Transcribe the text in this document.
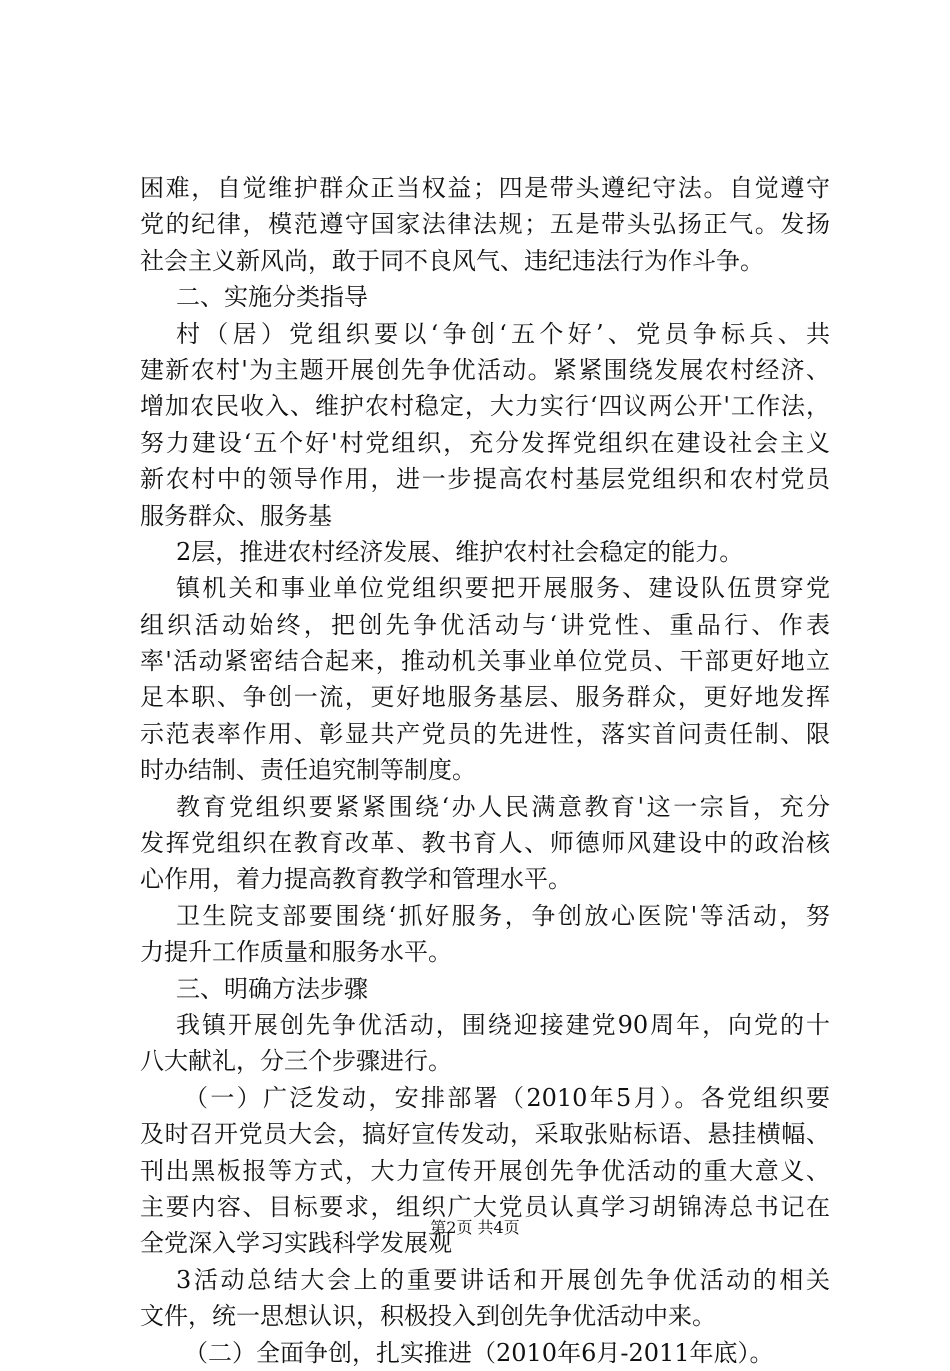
困难，自觉维护群众正当权益；四是带头遵纪守法。自觉遵守
党的纪律，模范遵守国家法律法规；五是带头弘扬正气。发扬
社会主义新风尚，敢于同不良风气、违纪违法行为作斗争。
二、实施分类指导
村（居）党组织要以‘争创‘五个好’、党员争标兵、共
建新农村'为主题开展创先争优活动。紧紧围绕发展农村经济、
增加农民收入、维护农村稳定，大力实行‘四议两公开'工作法，
努力建设‘五个好'村党组织，充分发挥党组织在建设社会主义
新农村中的领导作用，进一步提高农村基层党组织和农村党员
服务群众、服务基
2层，推进农村经济发展、维护农村社会稳定的能力。
镇机关和事业单位党组织要把开展服务、建设队伍贯穿党
组织活动始终，把创先争优活动与‘讲党性、重品行、作表
率'活动紧密结合起来，推动机关事业单位党员、干部更好地立
足本职、争创一流，更好地服务基层、服务群众，更好地发挥
示范表率作用、彰显共产党员的先进性，落实首问责任制、限
时办结制、责任追究制等制度。
教育党组织要紧紧围绕‘办人民满意教育'这一宗旨，充分
发挥党组织在教育改革、教书育人、师德师风建设中的政治核
心作用，着力提高教育教学和管理水平。
卫生院支部要围绕‘抓好服务，争创放心医院'等活动，努
力提升工作质量和服务水平。
三、明确方法步骤
我镇开展创先争优活动，围绕迎接建党90周年，向党的十
八大献礼，分三个步骤进行。
（一）广泛发动，安排部署（2010年5月）。各党组织要
及时召开党员大会，搞好宣传发动，采取张贴标语、悬挂横幅、
刊出黑板报等方式，大力宣传开展创先争优活动的重大意义、
主要内容、目标要求，组织广大党员认真学习胡锦涛总书记在
全党深入学习实践科学发展观
3活动总结大会上的重要讲话和开展创先争优活动的相关
文件，统一思想认识，积极投入到创先争优活动中来。
（二）全面争创，扎实推进（2010年6月-2011年底）。
第2页 共4页
